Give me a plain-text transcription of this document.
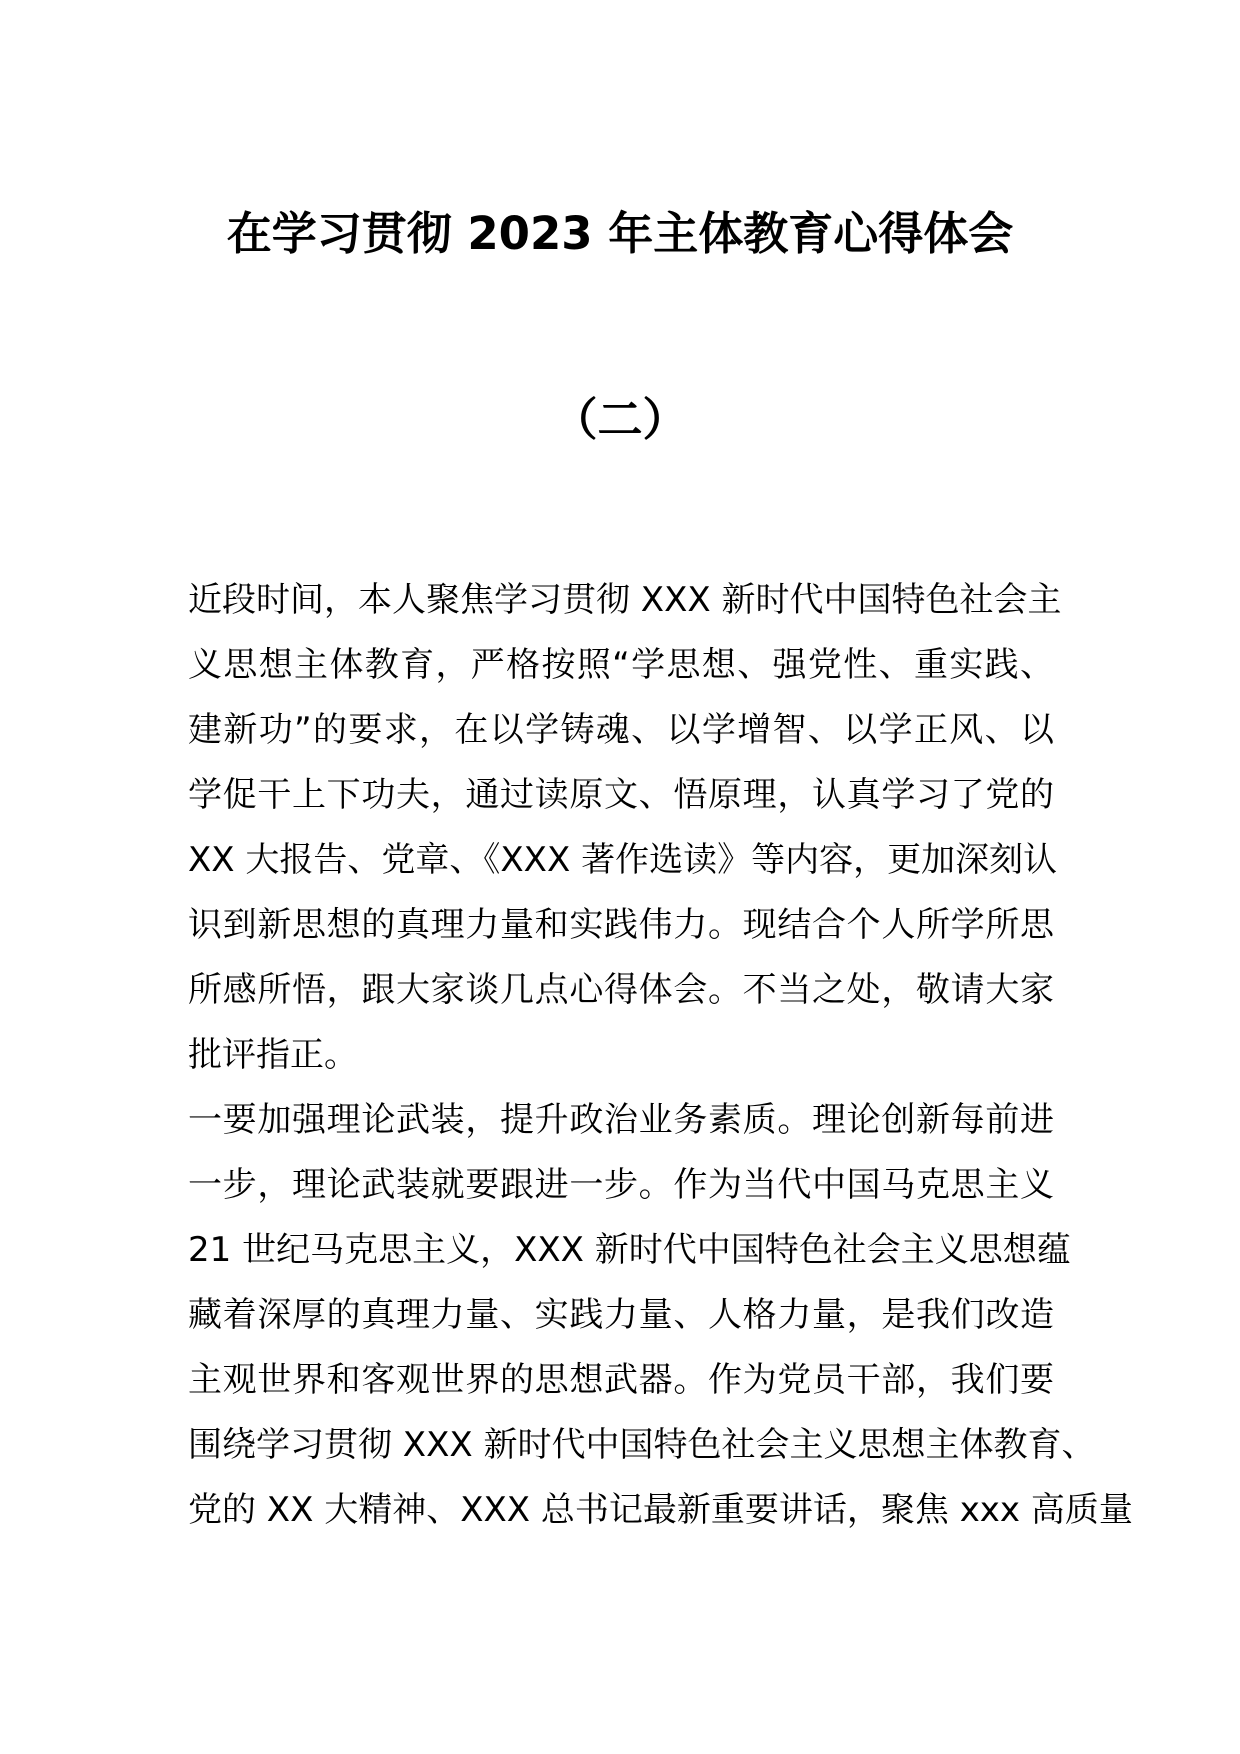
在学习贯彻 2023 年主体教育心得体会
（二）
近段时间，本人聚焦学习贯彻 XXX 新时代中国特色社会主
义思想主体教育，严格按照“学思想、强党性、重实践、
建新功”的要求，在以学铸魂、以学增智、以学正风、以
学促干上下功夫，通过读原文、悟原理，认真学习了党的
XX 大报告、党章、《XXX 著作选读》等内容，更加深刻认
识到新思想的真理力量和实践伟力。现结合个人所学所思
所感所悟，跟大家谈几点心得体会。不当之处，敬请大家
批评指正。
一要加强理论武装，提升政治业务素质。理论创新每前进
一步，理论武装就要跟进一步。作为当代中国马克思主义
21 世纪马克思主义，XXX 新时代中国特色社会主义思想蕴
藏着深厚的真理力量、实践力量、人格力量，是我们改造
主观世界和客观世界的思想武器。作为党员干部，我们要
围绕学习贯彻 XXX 新时代中国特色社会主义思想主体教育、
党的 XX 大精神、XXX 总书记最新重要讲话，聚焦 xxx 高质量
